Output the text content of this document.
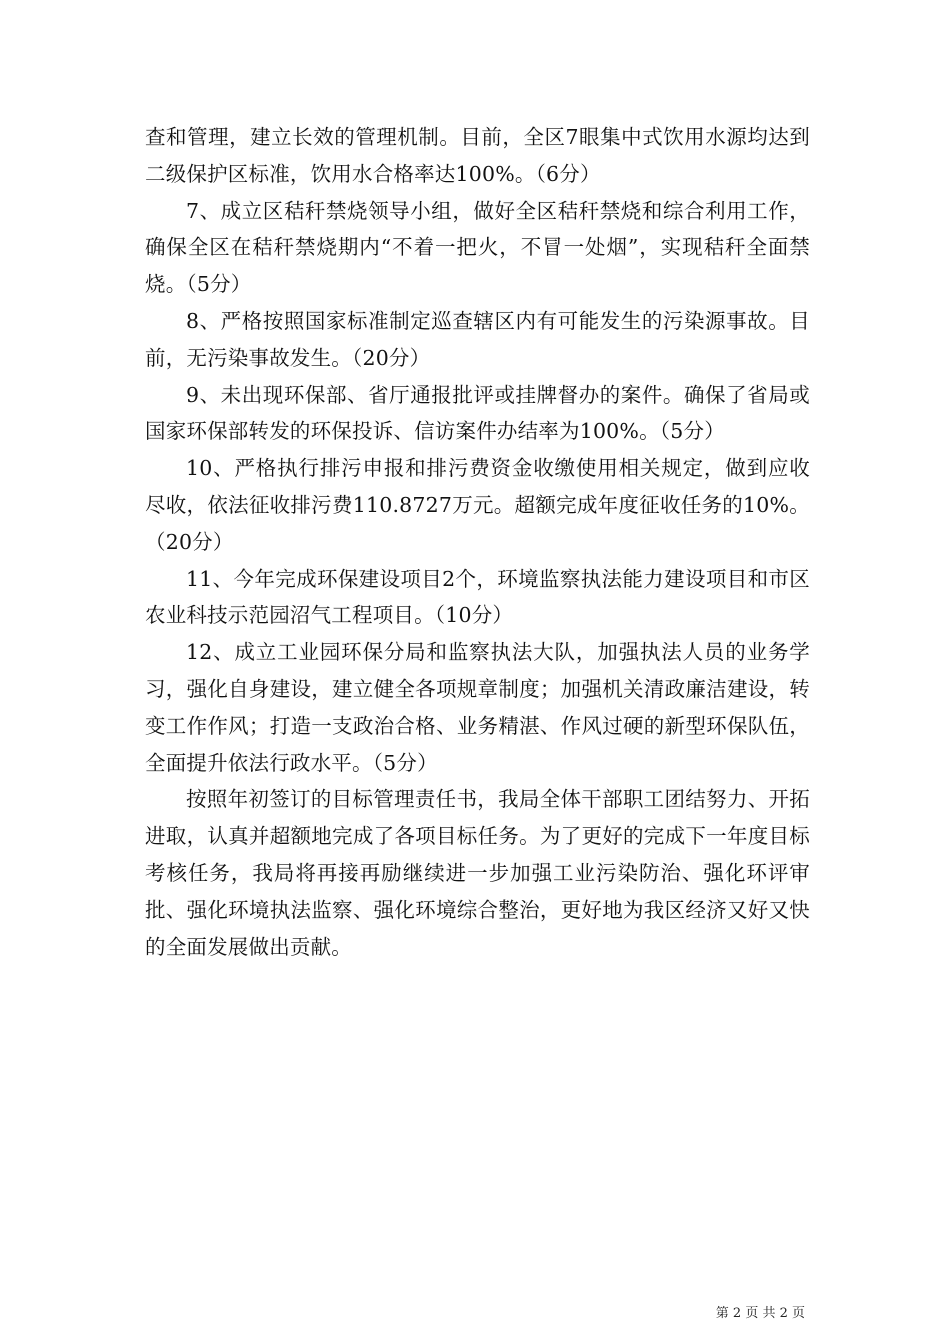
查和管理，建立长效的管理机制。目前，全区7眼集中式饮用水源均达到二级保护区标准，饮用水合格率达100%。（6分）

7、成立区秸秆禁烧领导小组，做好全区秸秆禁烧和综合利用工作，确保全区在秸秆禁烧期内“不着一把火，不冒一处烟”，实现秸秆全面禁烧。（5分）

8、严格按照国家标准制定巡查辖区内有可能发生的污染源事故。目前，无污染事故发生。（20分）

9、未出现环保部、省厅通报批评或挂牌督办的案件。确保了省局或国家环保部转发的环保投诉、信访案件办结率为100%。（5分）

10、严格执行排污申报和排污费资金收缴使用相关规定，做到应收尽收，依法征收排污费110.8727万元。超额完成年度征收任务的10%。（20分）

11、今年完成环保建设项目2个，环境监察执法能力建设项目和市区农业科技示范园沼气工程项目。（10分）

12、成立工业园环保分局和监察执法大队，加强执法人员的业务学习，强化自身建设，建立健全各项规章制度；加强机关清政廉洁建设，转变工作作风；打造一支政治合格、业务精湛、作风过硬的新型环保队伍，全面提升依法行政水平。（5分）

按照年初签订的目标管理责任书，我局全体干部职工团结努力、开拓进取，认真并超额地完成了各项目标任务。为了更好的完成下一年度目标考核任务，我局将再接再励继续进一步加强工业污染防治、强化环评审批、强化环境执法监察、强化环境综合整治，更好地为我区经济又好又快的全面发展做出贡献。

第 2 页 共 2 页
